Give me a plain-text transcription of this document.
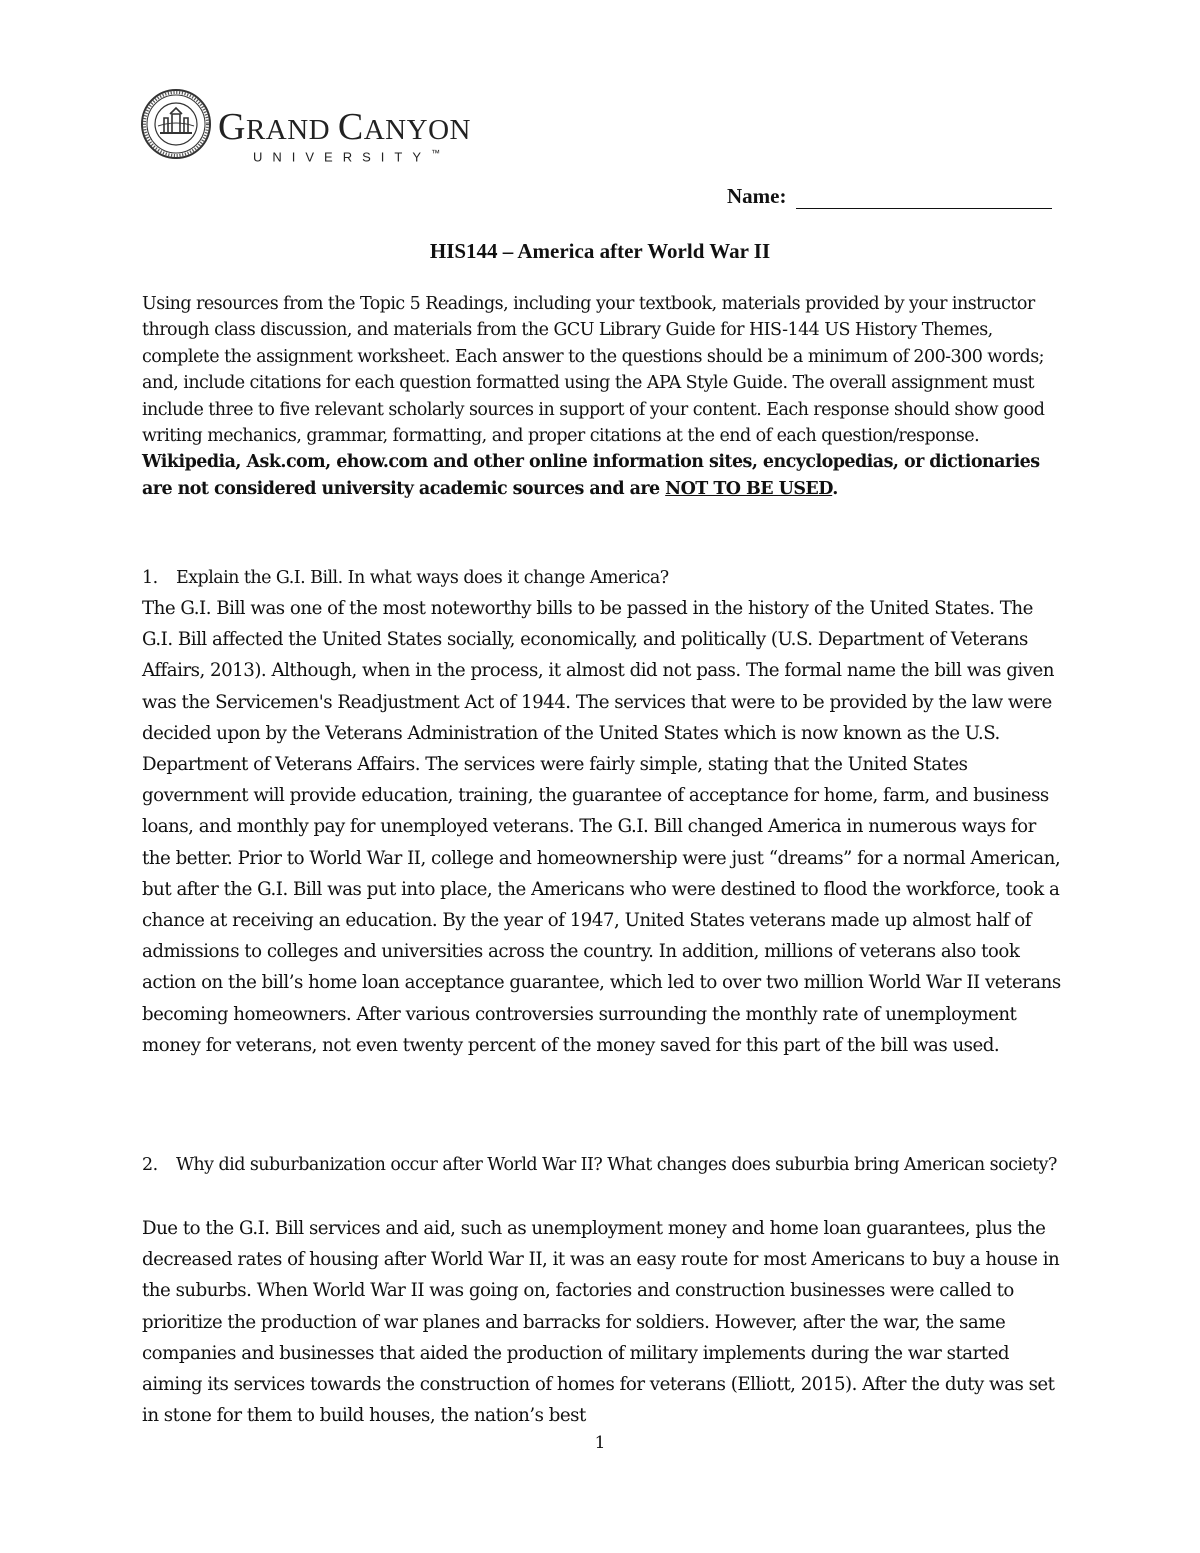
GRAND CANYON
UNIVERSITY™
Name:
HIS144 – America after World War II
Using resources from the Topic 5 Readings, including your textbook, materials provided by your instructor through class discussion, and materials from the GCU Library Guide for HIS-144 US History Themes, complete the assignment worksheet. Each answer to the questions should be a minimum of 200-300 words; and, include citations for each question formatted using the APA Style Guide. The overall assignment must include three to five relevant scholarly sources in support of your content. Each response should show good writing mechanics, grammar, formatting, and proper citations at the end of each question/response. Wikipedia, Ask.com, ehow.com and other online information sites, encyclopedias, or dictionaries are not considered university academic sources and are NOT TO BE USED.
1. Explain the G.I. Bill. In what ways does it change America?
The G.I. Bill was one of the most noteworthy bills to be passed in the history of the United States. The G.I. Bill affected the United States socially, economically, and politically (U.S. Department of Veterans Affairs, 2013). Although, when in the process, it almost did not pass. The formal name the bill was given was the Servicemen's Readjustment Act of 1944. The services that were to be provided by the law were decided upon by the Veterans Administration of the United States which is now known as the U.S. Department of Veterans Affairs. The services were fairly simple, stating that the United States government will provide education, training, the guarantee of acceptance for home, farm, and business loans, and monthly pay for unemployed veterans. The G.I. Bill changed America in numerous ways for the better. Prior to World War II, college and homeownership were just “dreams” for a normal American, but after the G.I. Bill was put into place, the Americans who were destined to flood the workforce, took a chance at receiving an education. By the year of 1947, United States veterans made up almost half of admissions to colleges and universities across the country. In addition, millions of veterans also took action on the bill’s home loan acceptance guarantee, which led to over two million World War II veterans becoming homeowners. After various controversies surrounding the monthly rate of unemployment money for veterans, not even twenty percent of the money saved for this part of the bill was used.
2. Why did suburbanization occur after World War II? What changes does suburbia bring American society?
Due to the G.I. Bill services and aid, such as unemployment money and home loan guarantees, plus the decreased rates of housing after World War II, it was an easy route for most Americans to buy a house in the suburbs. When World War II was going on, factories and construction businesses were called to prioritize the production of war planes and barracks for soldiers. However, after the war, the same companies and businesses that aided the production of military implements during the war started aiming its services towards the construction of homes for veterans (Elliott, 2015). After the duty was set in stone for them to build houses, the nation’s best
1
